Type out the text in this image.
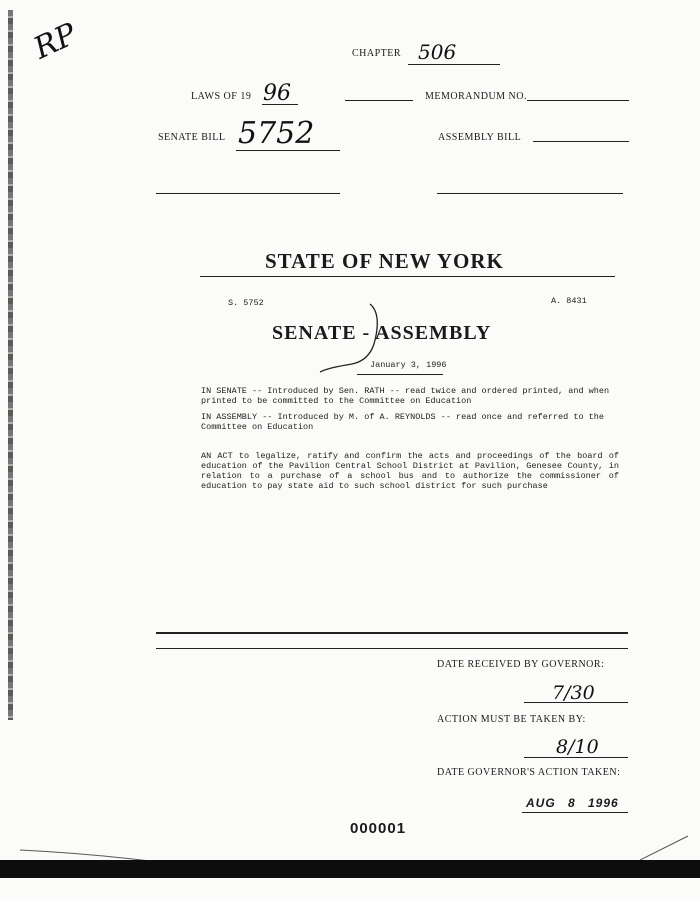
RP	CHAPTER 506
LAWS OF 19 96	MEMORANDUM NO.
SENATE BILL 5752	ASSEMBLY BILL
STATE OF NEW YORK
S. 5752	A. 8431
SENATE - ASSEMBLY
January 3, 1996
IN SENATE -- Introduced by Sen. RATH -- read twice and ordered printed, and when printed to be committed to the Committee on Education
IN ASSEMBLY -- Introduced by M. of A. REYNOLDS -- read once and referred to the Committee on Education
AN ACT to legalize, ratify and confirm the acts and proceedings of the board of education of the Pavilion Central School District at Pavilion, Genesee County, in relation to a purchase of a school bus and to authorize the commissioner of education to pay state aid to such school district for such purchase
DATE RECEIVED BY GOVERNOR:
7/30
ACTION MUST BE TAKEN BY:
8/10
DATE GOVERNOR'S ACTION TAKEN:
AUG 8 1996
000001
